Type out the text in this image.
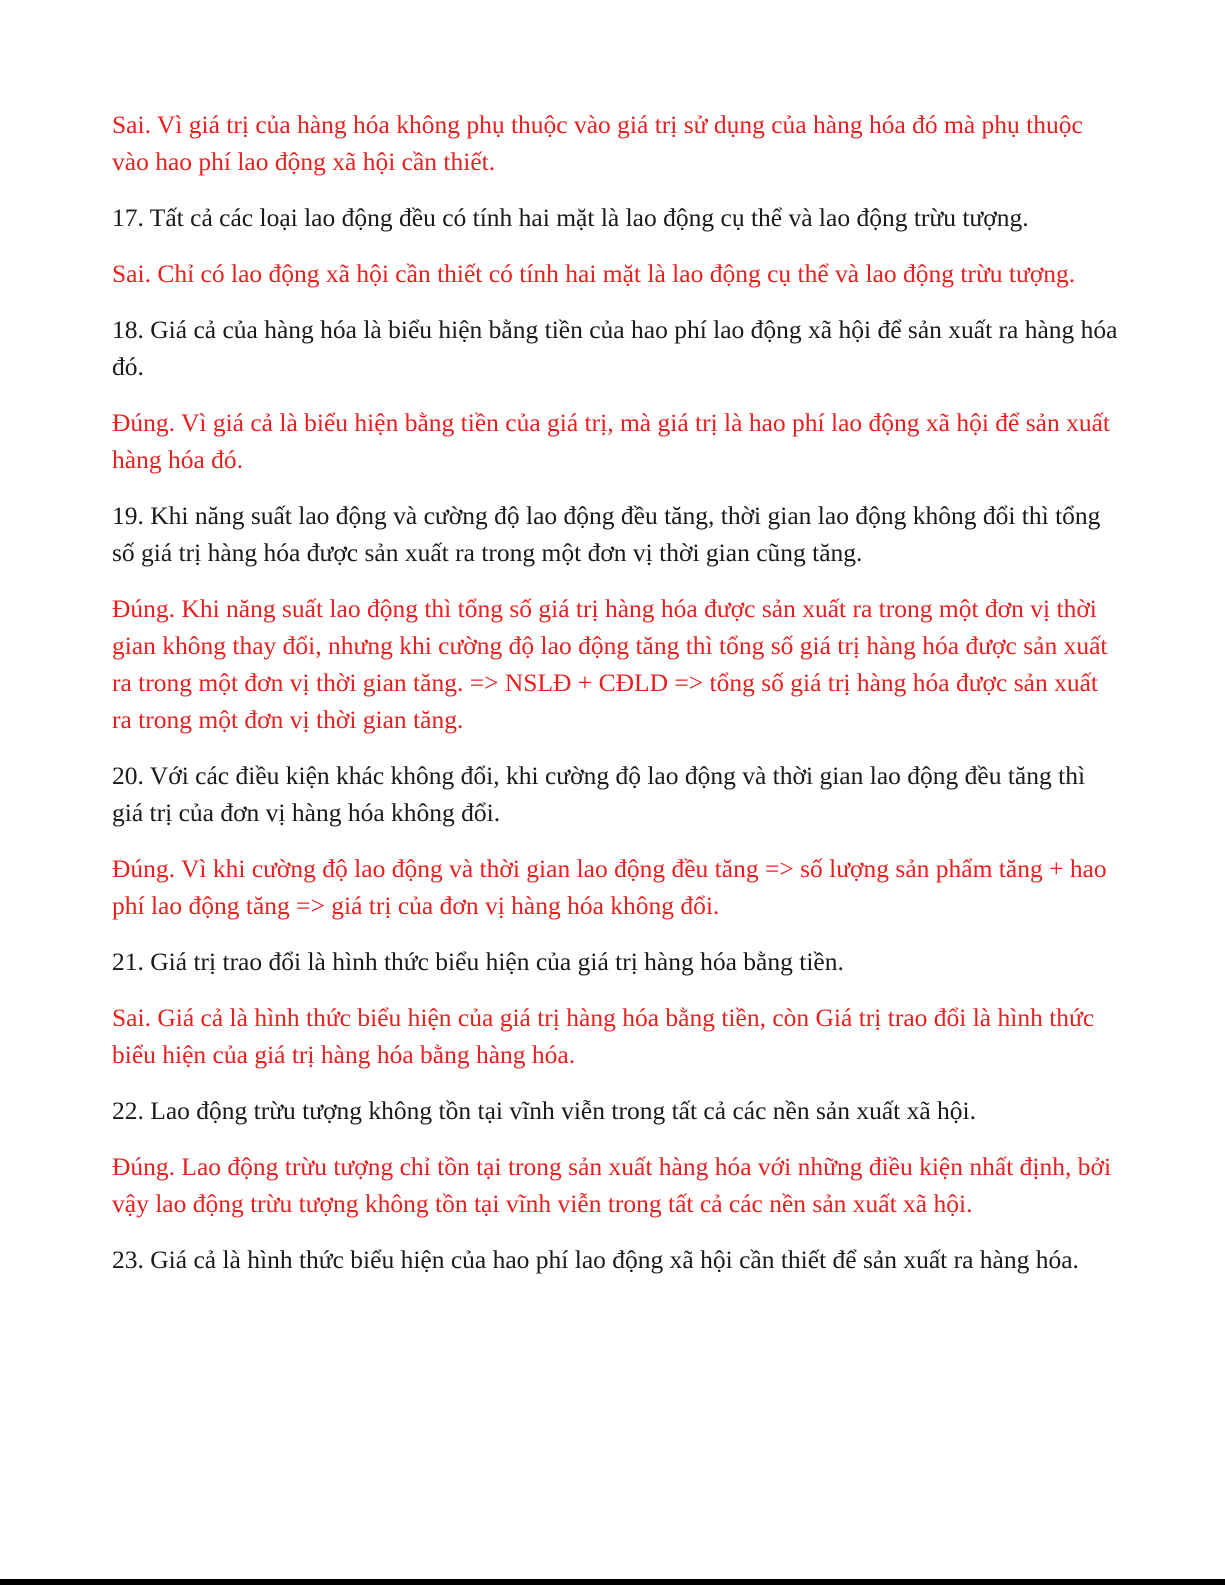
Sai. Vì giá trị của hàng hóa không phụ thuộc vào giá trị sử dụng của hàng hóa đó mà phụ thuộc vào hao phí lao động xã hội cần thiết.

17. Tất cả các loại lao động đều có tính hai mặt là lao động cụ thể và lao động trừu tượng.

Sai. Chỉ có lao động xã hội cần thiết có tính hai mặt là lao động cụ thể và lao động trừu tượng.

18. Giá cả của hàng hóa là biểu hiện bằng tiền của hao phí lao động xã hội để sản xuất ra hàng hóa đó.

Đúng. Vì giá cả là biểu hiện bằng tiền của giá trị, mà giá trị là hao phí lao động xã hội để sản xuất hàng hóa đó.

19. Khi năng suất lao động và cường độ lao động đều tăng, thời gian lao động không đổi thì tổng số giá trị hàng hóa được sản xuất ra trong một đơn vị thời gian cũng tăng.

Đúng. Khi năng suất lao động thì tổng số giá trị hàng hóa được sản xuất ra trong một đơn vị thời gian không thay đổi, nhưng khi cường độ lao động tăng thì tổng số giá trị hàng hóa được sản xuất ra trong một đơn vị thời gian tăng. => NSLĐ + CĐLD => tổng số giá trị hàng hóa được sản xuất ra trong một đơn vị thời gian tăng.

20. Với các điều kiện khác không đổi, khi cường độ lao động và thời gian lao động đều tăng thì giá trị của đơn vị hàng hóa không đổi.

Đúng. Vì khi cường độ lao động và thời gian lao động đều tăng => số lượng sản phẩm tăng + hao phí lao động tăng => giá trị của đơn vị hàng hóa không đổi.

21. Giá trị trao đổi là hình thức biểu hiện của giá trị hàng hóa bằng tiền.

Sai. Giá cả là hình thức biểu hiện của giá trị hàng hóa bằng tiền, còn Giá trị trao đổi là hình thức biểu hiện của giá trị hàng hóa bằng hàng hóa.

22. Lao động trừu tượng không tồn tại vĩnh viễn trong tất cả các nền sản xuất xã hội.

Đúng. Lao động trừu tượng chỉ tồn tại trong sản xuất hàng hóa với những điều kiện nhất định, bởi vậy lao động trừu tượng không tồn tại vĩnh viễn trong tất cả các nền sản xuất xã hội.

23. Giá cả là hình thức biểu hiện của hao phí lao động xã hội cần thiết để sản xuất ra hàng hóa.
